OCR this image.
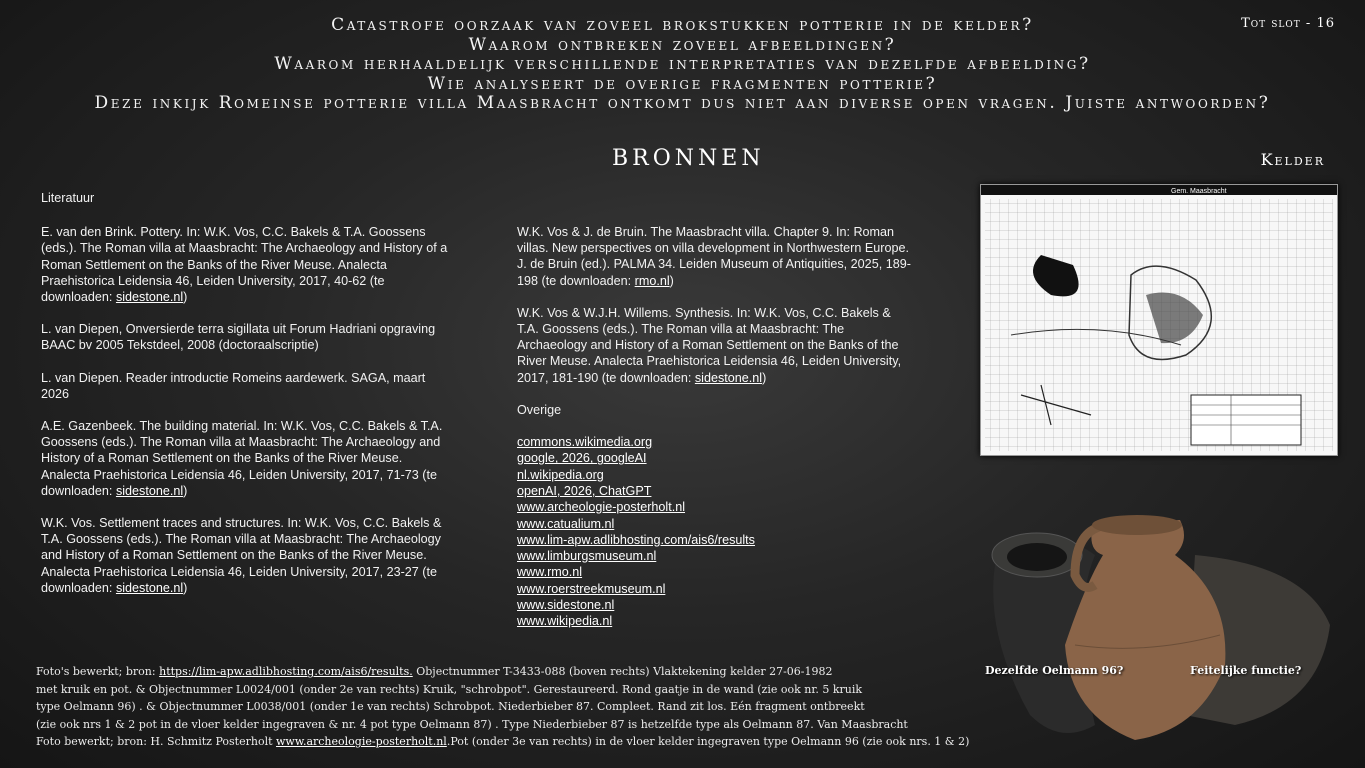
Catastrofe oorzaak van zoveel brokstukken potterie in de kelder?
Waarom ontbreken zoveel afbeeldingen?
Waarom herhaaldelijk verschillende interpretaties van dezelfde afbeelding?
Wie analyseert de overige fragmenten potterie?
Deze inkijk Romeinse potterie villa Maasbracht ontkomt dus niet aan diverse open vragen. Juiste antwoorden?
Tot slot - 16
BRONNEN	Kelder

Literatuur

E. van den Brink. Pottery. In: W.K. Vos, C.C. Bakels & T.A. Goossens (eds.). The Roman villa at Maasbracht: The Archaeology and History of a Roman Settlement on the Banks of the River Meuse. Analecta Praehistorica Leidensia 46, Leiden University, 2017, 40-62 (te downloaden: sidestone.nl)

L. van Diepen, Onversierde terra sigillata uit Forum Hadriani opgraving BAAC bv 2005 Tekstdeel, 2008 (doctoraalscriptie)

L. van Diepen. Reader introductie Romeins aardewerk. SAGA, maart 2026

A.E. Gazenbeek. The building material. In: W.K. Vos, C.C. Bakels & T.A. Goossens (eds.). The Roman villa at Maasbracht: The Archaeology and History of a Roman Settlement on the Banks of the River Meuse. Analecta Praehistorica Leidensia 46, Leiden University, 2017, 71-73 (te downloaden: sidestone.nl)

W.K. Vos. Settlement traces and structures. In: W.K. Vos, C.C. Bakels & T.A. Goossens (eds.). The Roman villa at Maasbracht: The Archaeology and History of a Roman Settlement on the Banks of the River Meuse. Analecta Praehistorica Leidensia 46, Leiden University, 2017, 23-27 (te downloaden: sidestone.nl)

W.K. Vos & J. de Bruin. The Maasbracht villa. Chapter 9. In: Roman villas. New perspectives on villa development in Northwestern Europe. J. de Bruin (ed.). PALMA 34. Leiden Museum of Antiquities, 2025, 189-198 (te downloaden: rmo.nl)

W.K. Vos & W.J.H. Willems. Synthesis. In: W.K. Vos, C.C. Bakels & T.A. Goossens (eds.). The Roman villa at Maasbracht: The Archaeology and History of a Roman Settlement on the Banks of the River Meuse. Analecta Praehistorica Leidensia 46, Leiden University, 2017, 181-190 (te downloaden: sidestone.nl)

Overige

commons.wikimedia.org
google, 2026, googleAI
nl.wikipedia.org
openAI, 2026, ChatGPT
www.archeologie-posterholt.nl
www.catualium.nl
www.lim-apw.adlibhosting.com/ais6/results
www.limburgsmuseum.nl
www.rmo.nl
www.roerstreekmuseum.nl
www.sidestone.nl
www.wikipedia.nl
Gem. Maasbracht
Dezelfde Oelmann 96?	Feitelijke functie?
Foto's bewerkt; bron: https://lim-apw.adlibhosting.com/ais6/results. Objectnummer T-3433-088 (boven rechts) Vlaktekening kelder 27-06-1982
met kruik en pot. & Objectnummer L0024/001 (onder 2e van rechts) Kruik, "schrobpot". Gerestaureerd. Rond gaatje in de wand (zie ook nr. 5 kruik
type Oelmann 96) . & Objectnummer L0038/001 (onder 1e van rechts) Schrobpot. Niederbieber 87. Compleet. Rand zit los. Eén fragment ontbreekt
(zie ook nrs 1 & 2 pot in de vloer kelder ingegraven & nr. 4 pot type Oelmann 87) . Type Niederbieber 87 is hetzelfde type als Oelmann 87. Van Maasbracht
Foto bewerkt; bron: H. Schmitz Posterholt www.archeologie-posterholt.nl.Pot (onder 3e van rechts) in de vloer kelder ingegraven type Oelmann 96 (zie ook nrs. 1 & 2)
